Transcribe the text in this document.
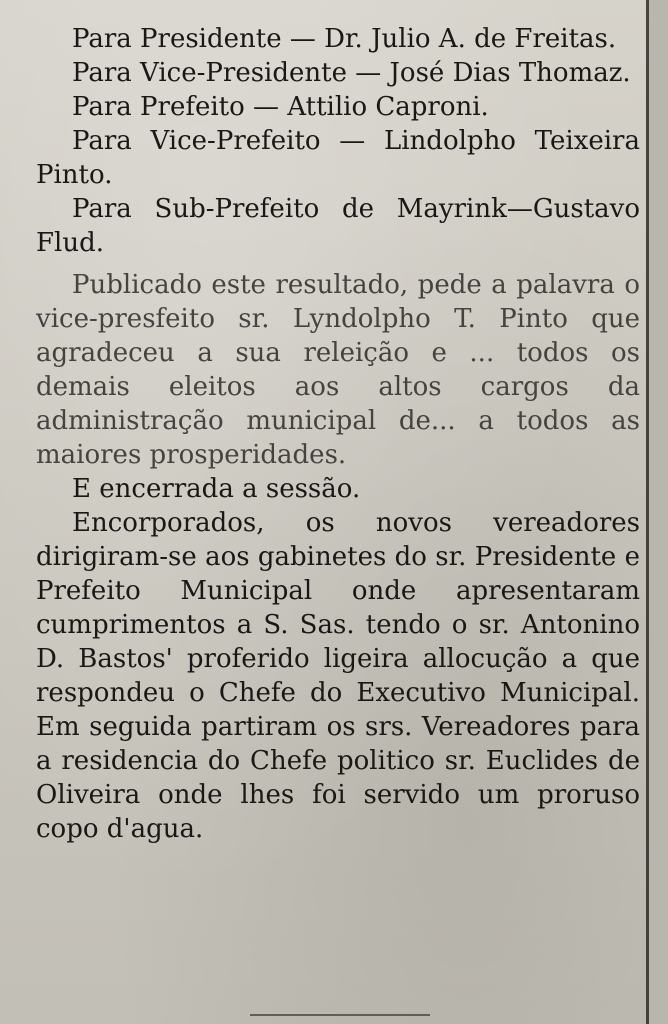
Para Presidente — Dr. Julio A. de Freitas.

Para Vice-Presidente — José Dias Thomaz.

Para Prefeito — Attilio Caproni.

Para Vice-Prefeito — Lindolpho Teixeira Pinto.

Para Sub-Prefeito de Mayrink—Gustavo Flud.

Publicado este resultado, pede a palavra o vice-presfeito sr. Lyndolpho T. Pinto que agradeceu a sua releição e ... todos os demais eleitos aos altos cargos da administração municipal de... a todos as maiores prosperidades.

E encerrada a sessão.

Encorporados, os novos vereadores dirigiram-se aos gabinetes do sr. Presidente e Prefeito Municipal onde apresentaram cumprimentos a S. Sas. tendo o sr. Antonino D. Bastos' proferido ligeira allocução a que respondeu o Chefe do Executivo Municipal. Em seguida partiram os srs. Vereadores para a residencia do Chefe politico sr. Euclides de Oliveira onde lhes foi servido um proruso copo d'agua.
